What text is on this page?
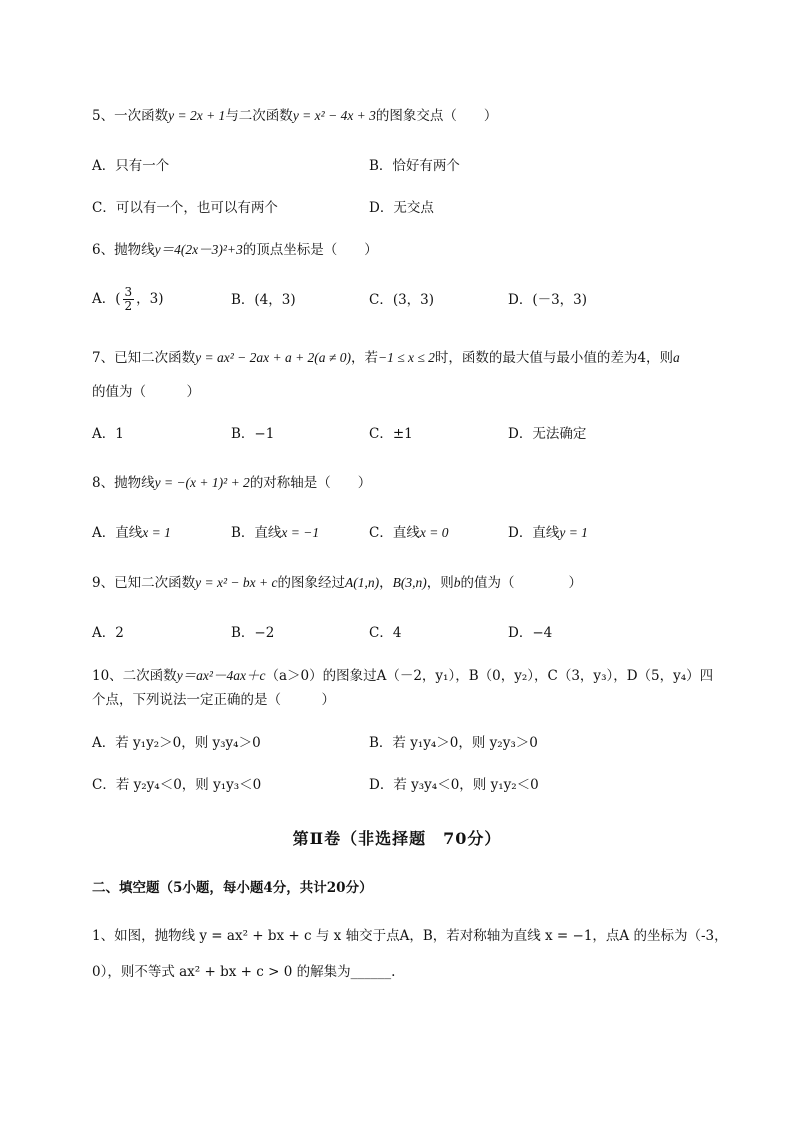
5、一次函数y = 2x + 1与二次函数y = x² − 4x + 3的图象交点（　　）
A．只有一个	B．恰好有两个
C．可以有一个，也可以有两个	D．无交点
6、抛物线y＝4(2x－3)²+3的顶点坐标是（　　）
A．( $\frac{3}{2}$ ，3)	B．(4，3)	C．(3，3)	D．(－3，3)
7、已知二次函数y = ax² − 2ax + a + 2(a ≠ 0)，若−1 ≤ x ≤ 2时，函数的最大值与最小值的差为4，则a
的值为（　　　）
A．1	B．−1	C．±1	D．无法确定
8、抛物线y = −(x + 1)² + 2的对称轴是（　　）
A．直线x = 1	B．直线x = −1	C．直线x = 0	D．直线y = 1
9、已知二次函数y = x² − bx + c的图象经过A(1,n)，B(3,n)，则b的值为（　　　　）
A．2	B．−2	C．4	D．−4
10、二次函数y＝ax²－4ax＋c（a＞0）的图象过A（－2，y₁），B（0，y₂），C（3，y₃），D（5，y₄）四
个点，下列说法一定正确的是（　　　）
A．若 y₁y₂＞0，则 y₃y₄＞0	B．若 y₁y₄＞0，则 y₂y₃＞0
C．若 y₂y₄＜0，则 y₁y₃＜0	D．若 y₃y₄＜0，则 y₁y₂＜0
第Ⅱ卷（非选择题　70分）
二、填空题（5小题，每小题4分，共计20分）
1、如图，抛物线 y = ax² + bx + c 与 x 轴交于点A，B，若对称轴为直线 x = −1，点A 的坐标为（-3，
0），则不等式 ax² + bx + c > 0 的解集为______.
